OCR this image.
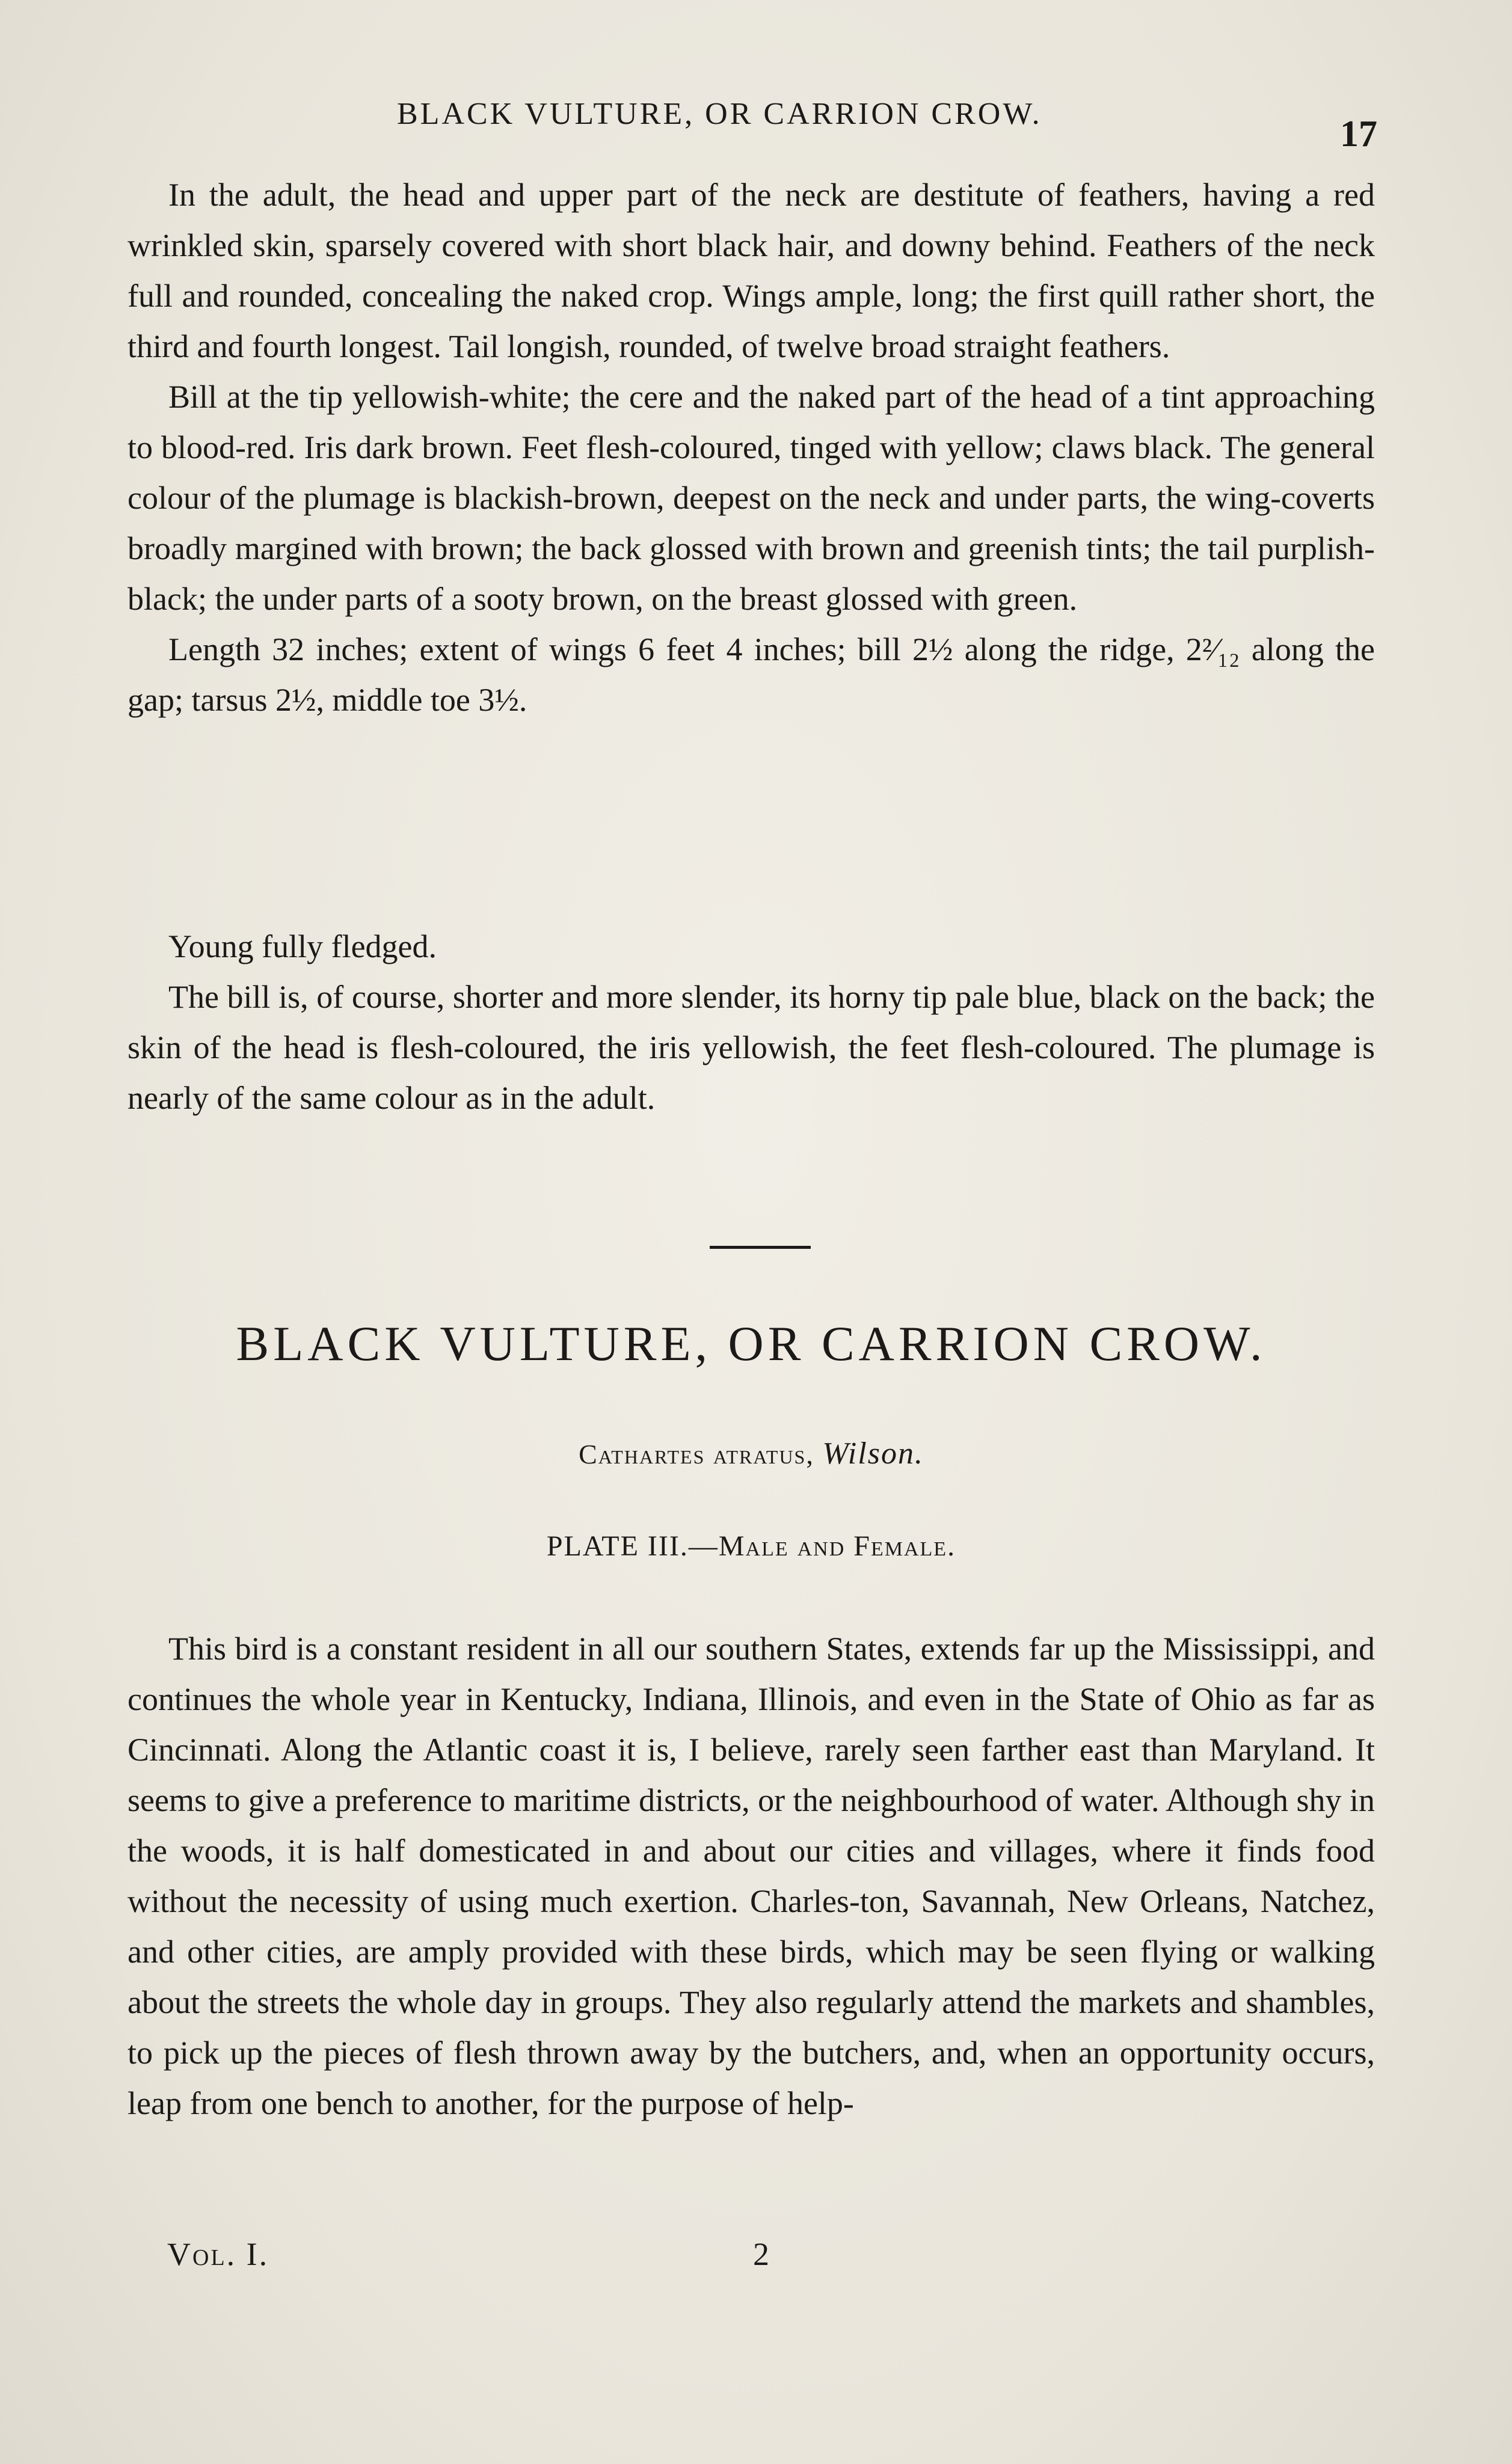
BLACK VULTURE, OR CARRION CROW.	17

In the adult, the head and upper part of the neck are destitute of feathers, having a red wrinkled skin, sparsely covered with short black hair, and downy behind. Feathers of the neck full and rounded, concealing the naked crop. Wings ample, long; the first quill rather short, the third and fourth longest. Tail longish, rounded, of twelve broad straight feathers.

Bill at the tip yellowish-white; the cere and the naked part of the head of a tint approaching to blood-red. Iris dark brown. Feet flesh-coloured, tinged with yellow; claws black. The general colour of the plumage is blackish-brown, deepest on the neck and under parts, the wing-coverts broadly margined with brown; the back glossed with brown and greenish tints; the tail purplish-black; the under parts of a sooty brown, on the breast glossed with green.

Length 32 inches; extent of wings 6 feet 4 inches; bill 2½ along the ridge, 2²⁄₁₂ along the gap; tarsus 2½, middle toe 3½.

Young fully fledged.

The bill is, of course, shorter and more slender, its horny tip pale blue, black on the back; the skin of the head is flesh-coloured, the iris yellowish, the feet flesh-coloured. The plumage is nearly of the same colour as in the adult.

BLACK VULTURE, OR CARRION CROW.
Cathartes atratus, Wilson.
PLATE III.—Male and Female.

This bird is a constant resident in all our southern States, extends far up the Mississippi, and continues the whole year in Kentucky, Indiana, Illinois, and even in the State of Ohio as far as Cincinnati. Along the Atlantic coast it is, I believe, rarely seen farther east than Maryland. It seems to give a preference to maritime districts, or the neighbourhood of water. Although shy in the woods, it is half domesticated in and about our cities and villages, where it finds food without the necessity of using much exertion. Charles-ton, Savannah, New Orleans, Natchez, and other cities, are amply provided with these birds, which may be seen flying or walking about the streets the whole day in groups. They also regularly attend the markets and shambles, to pick up the pieces of flesh thrown away by the butchers, and, when an opportunity occurs, leap from one bench to another, for the purpose of help-

Vol. I.	2
